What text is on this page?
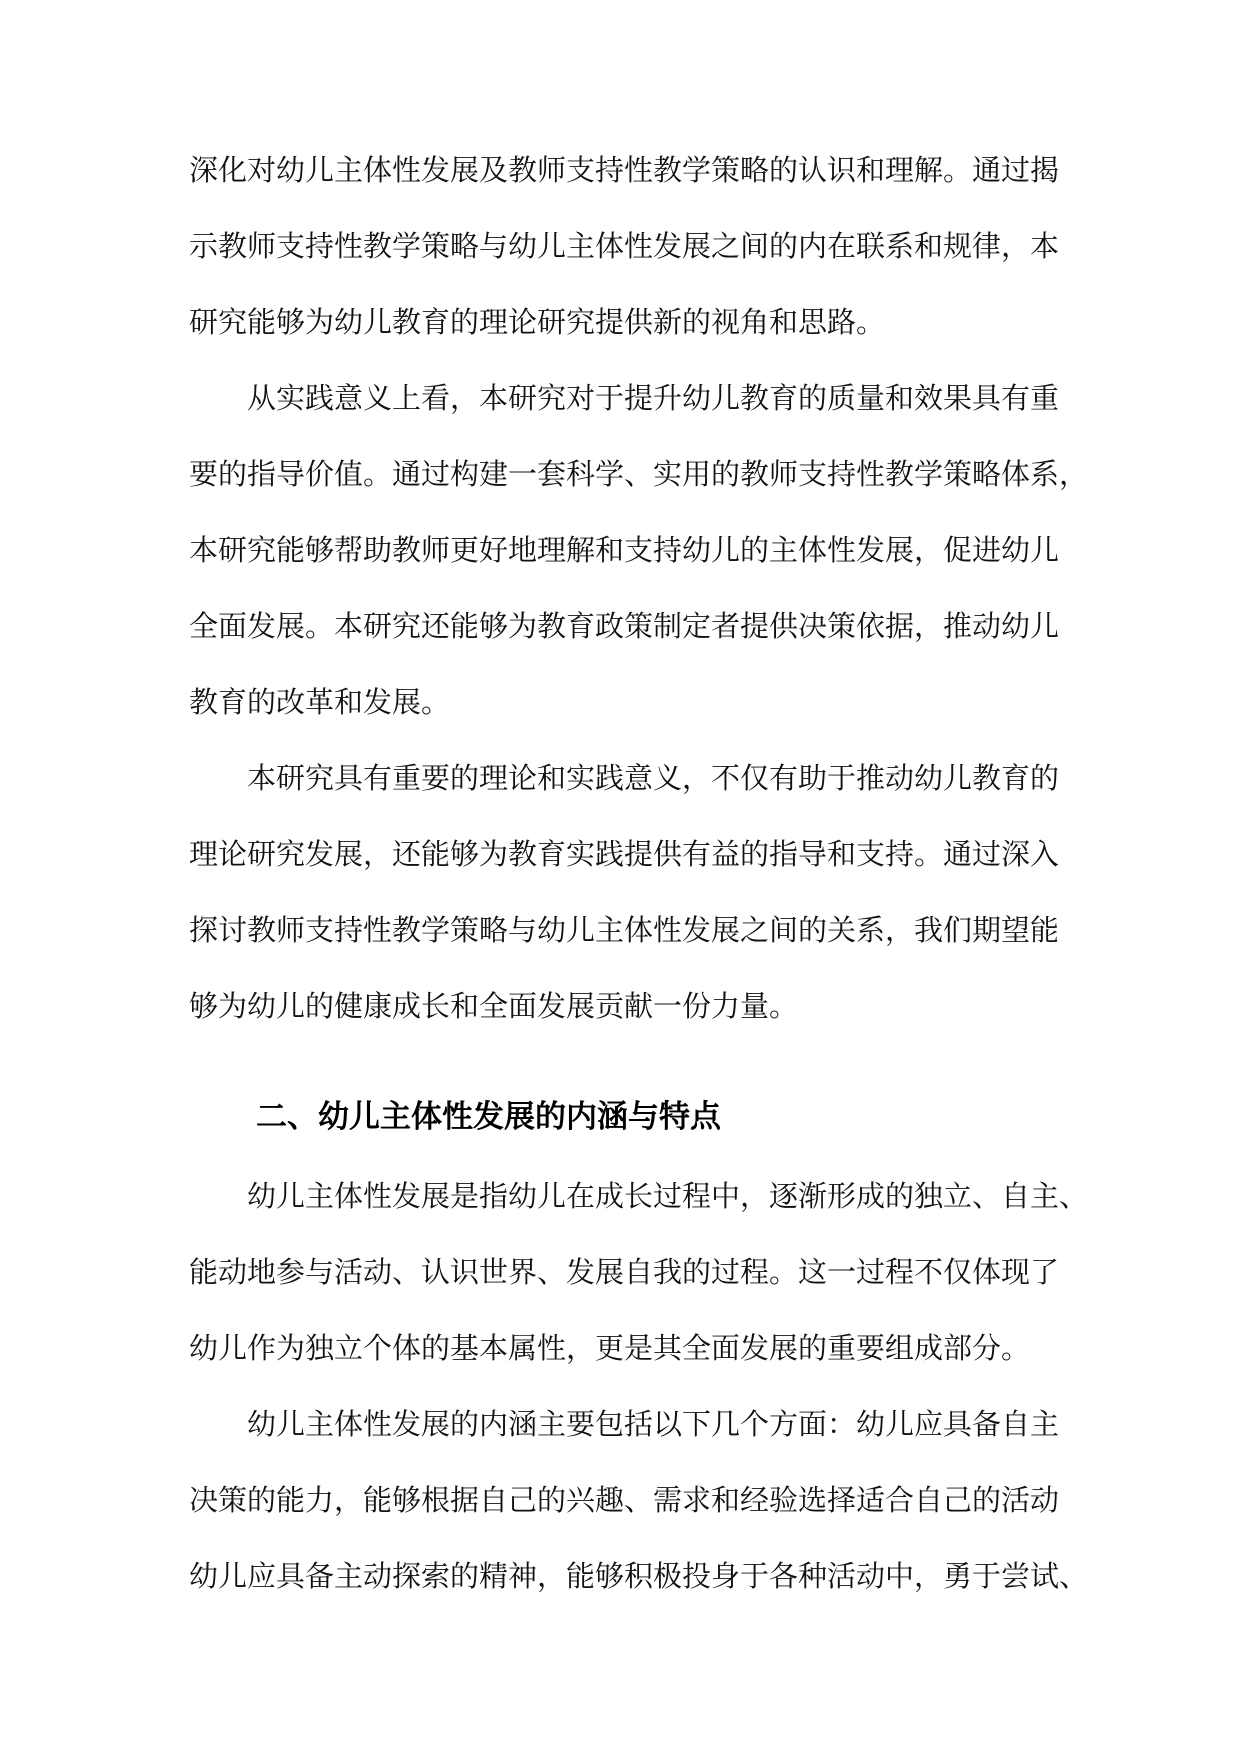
深化对幼儿主体性发展及教师支持性教学策略的认识和理解。通过揭
示教师支持性教学策略与幼儿主体性发展之间的内在联系和规律，本
研究能够为幼儿教育的理论研究提供新的视角和思路。
从实践意义上看，本研究对于提升幼儿教育的质量和效果具有重
要的指导价值。通过构建一套科学、实用的教师支持性教学策略体系，
本研究能够帮助教师更好地理解和支持幼儿的主体性发展，促进幼儿
全面发展。本研究还能够为教育政策制定者提供决策依据，推动幼儿
教育的改革和发展。
本研究具有重要的理论和实践意义，不仅有助于推动幼儿教育的
理论研究发展，还能够为教育实践提供有益的指导和支持。通过深入
探讨教师支持性教学策略与幼儿主体性发展之间的关系，我们期望能
够为幼儿的健康成长和全面发展贡献一份力量。
二、幼儿主体性发展的内涵与特点
幼儿主体性发展是指幼儿在成长过程中，逐渐形成的独立、自主、
能动地参与活动、认识世界、发展自我的过程。这一过程不仅体现了
幼儿作为独立个体的基本属性，更是其全面发展的重要组成部分。
幼儿主体性发展的内涵主要包括以下几个方面：幼儿应具备自主
决策的能力，能够根据自己的兴趣、需求和经验选择适合自己的活动
幼儿应具备主动探索的精神，能够积极投身于各种活动中，勇于尝试、
